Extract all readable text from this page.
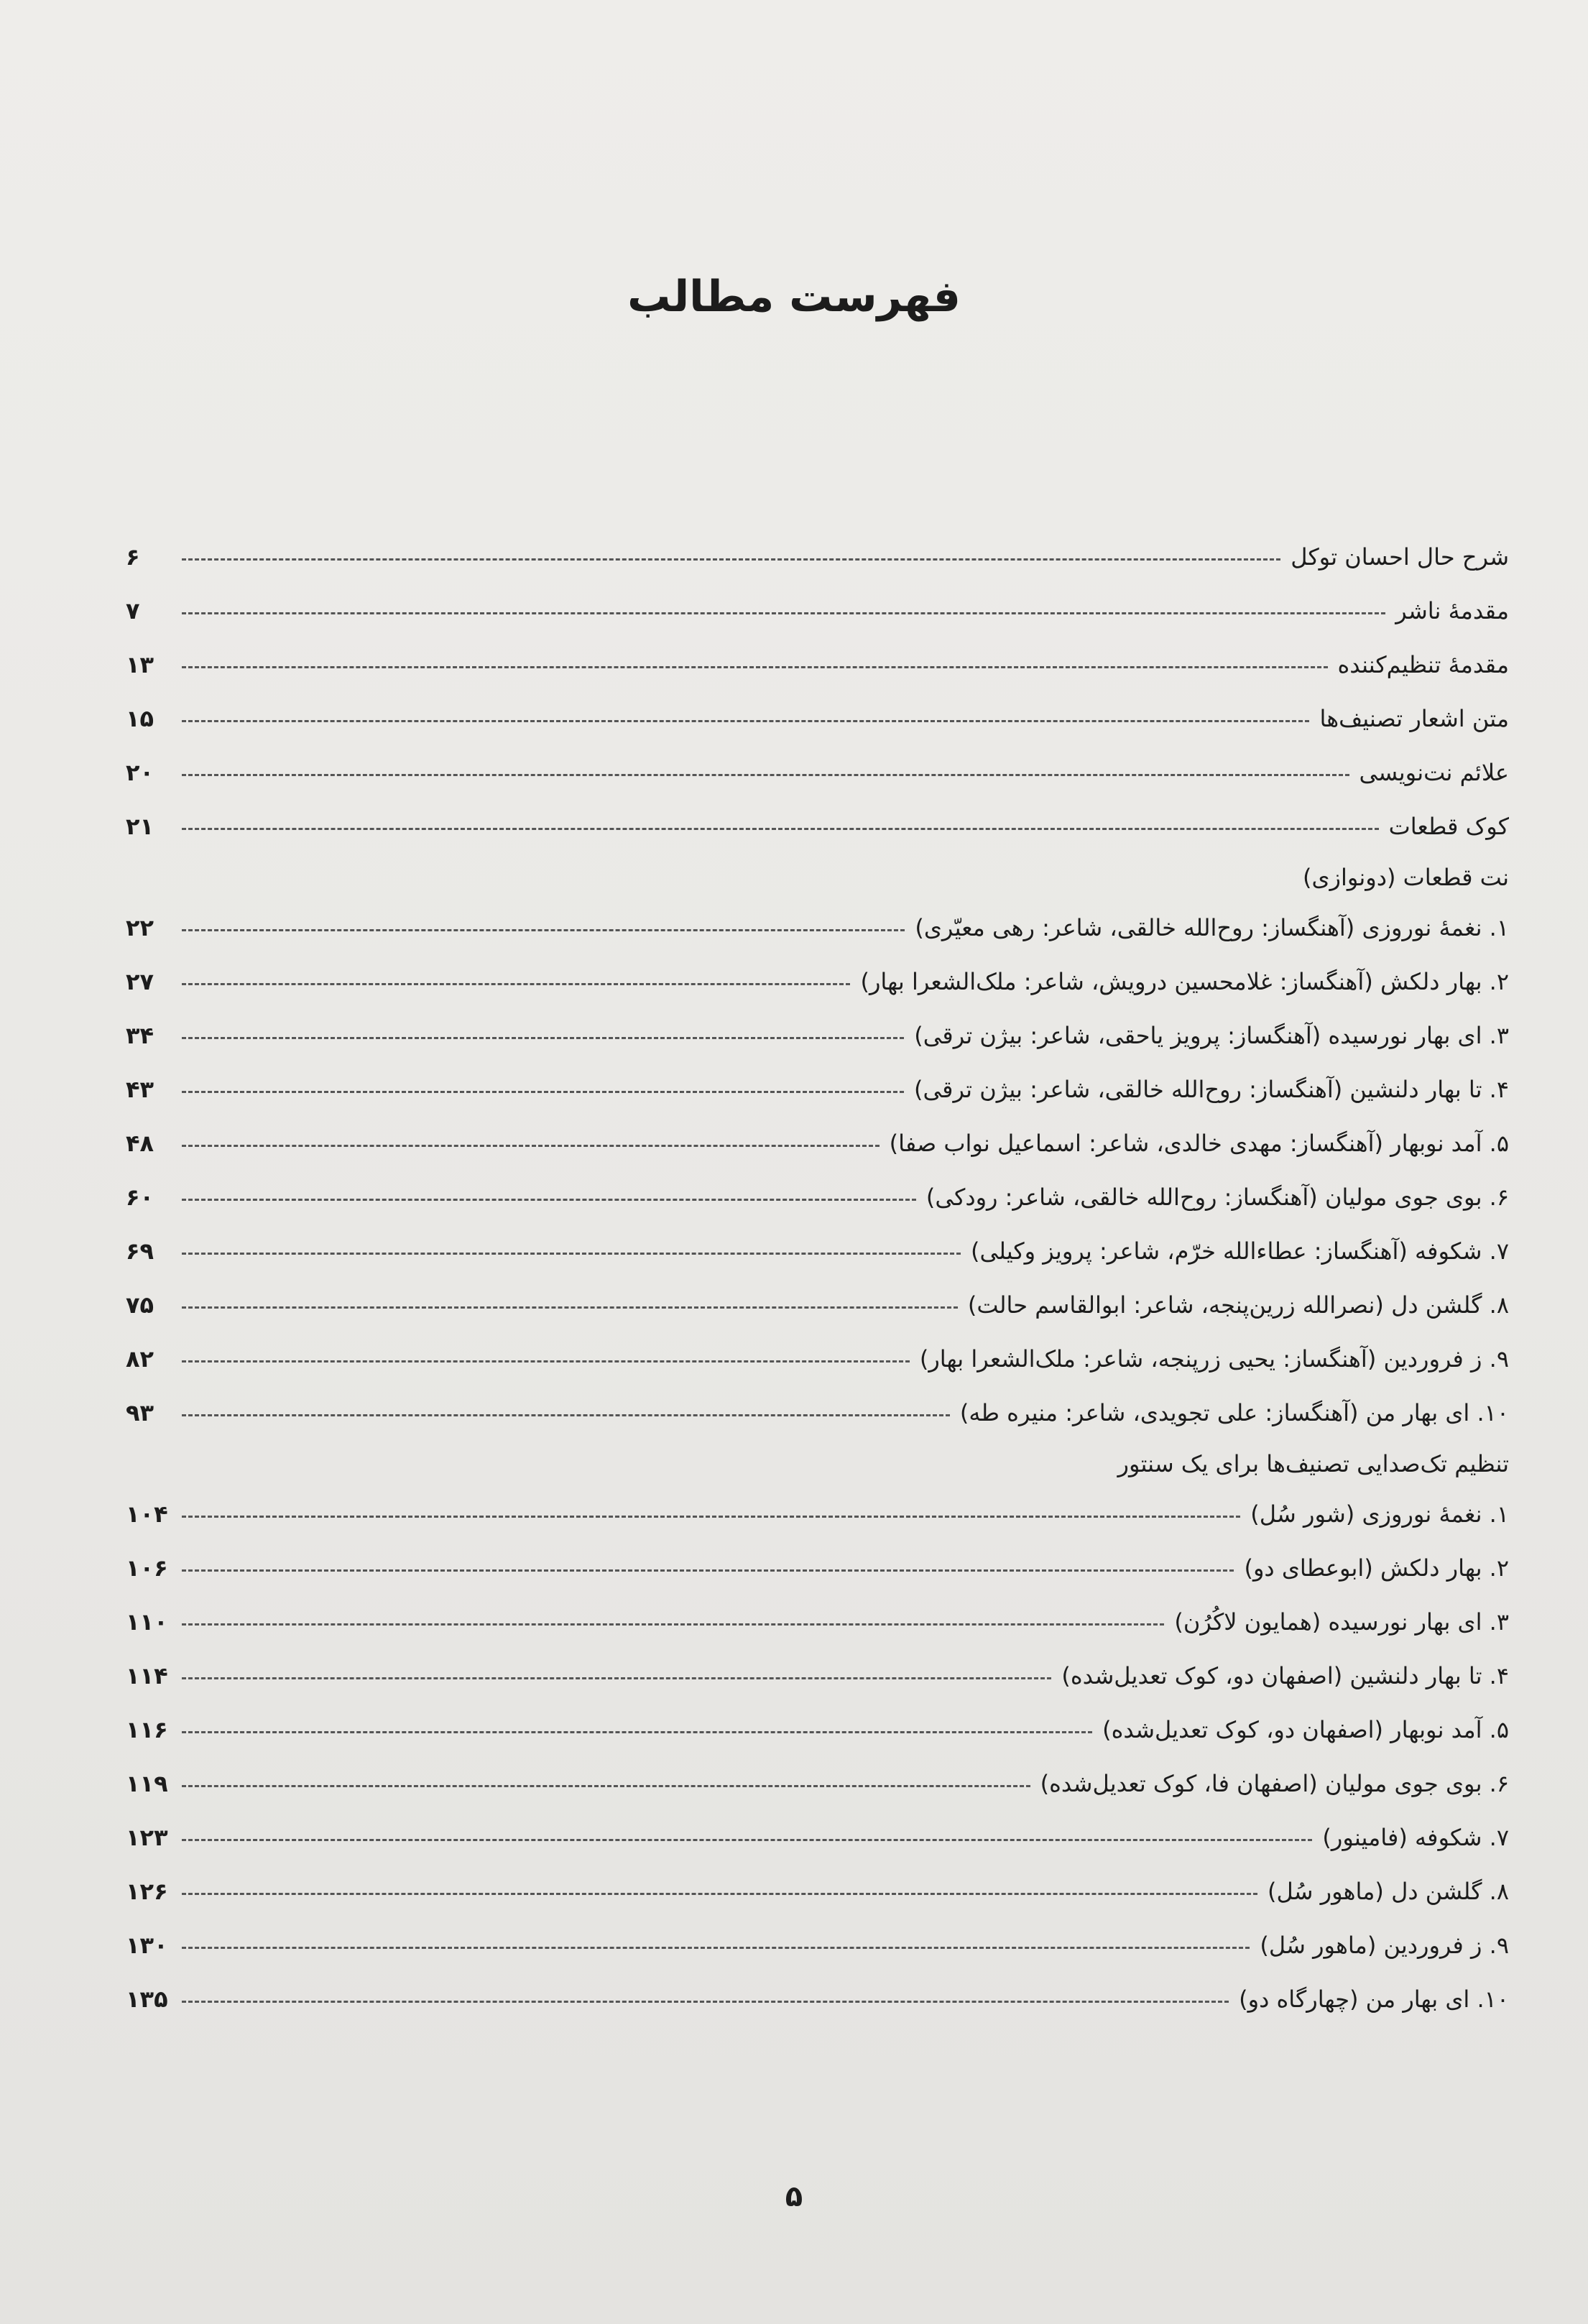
فهرست مطالب
شرح حال احسان توکل
۶
مقدمۀ ناشر
۷
مقدمۀ تنظیم‌کننده
۱۳
متن اشعار تصنیف‌ها
۱۵
علائم نت‌نویسی
۲۰
کوک قطعات
۲۱
نت قطعات (دونوازی)
۱. نغمۀ نوروزی (آهنگساز: روح‌الله خالقی، شاعر: رهی معیّری)
۲۲
۲. بهار دلکش (آهنگساز: غلامحسین درویش، شاعر: ملک‌الشعرا بهار)
۲۷
۳. ای بهار نورسیده (آهنگساز: پرویز یاحقی، شاعر: بیژن ترقی)
۳۴
۴. تا بهار دلنشین (آهنگساز: روح‌الله خالقی، شاعر: بیژن ترقی)
۴۳
۵. آمد نوبهار (آهنگساز: مهدی خالدی، شاعر: اسماعیل نواب صفا)
۴۸
۶. بوی جوی مولیان (آهنگساز: روح‌الله خالقی، شاعر: رودکی)
۶۰
۷. شکوفه (آهنگساز: عطاءالله خرّم، شاعر: پرویز وکیلی)
۶۹
۸. گلشن دل (نصرالله زرین‌پنجه، شاعر: ابوالقاسم حالت)
۷۵
۹. ز فروردین (آهنگساز: یحیی زرپنجه، شاعر: ملک‌الشعرا بهار)
۸۲
۱۰. ای بهار من (آهنگساز: علی تجویدی، شاعر: منیره طه)
۹۳
تنظیم تک‌صدایی تصنیف‌ها برای یک سنتور
۱. نغمۀ نوروزی (شور سُل)
۱۰۴
۲. بهار دلکش (ابوعطای دو)
۱۰۶
۳. ای بهار نورسیده (همایون لاکُرُن)
۱۱۰
۴. تا بهار دلنشین (اصفهان دو، کوک تعدیل‌شده)
۱۱۴
۵. آمد نوبهار (اصفهان دو، کوک تعدیل‌شده)
۱۱۶
۶. بوی جوی مولیان (اصفهان فا، کوک تعدیل‌شده)
۱۱۹
۷. شکوفه (فامینور)
۱۲۳
۸. گلشن دل (ماهور سُل)
۱۲۶
۹. ز فروردین (ماهور سُل)
۱۳۰
۱۰. ای بهار من (چهارگاه دو)
۱۳۵
۵
